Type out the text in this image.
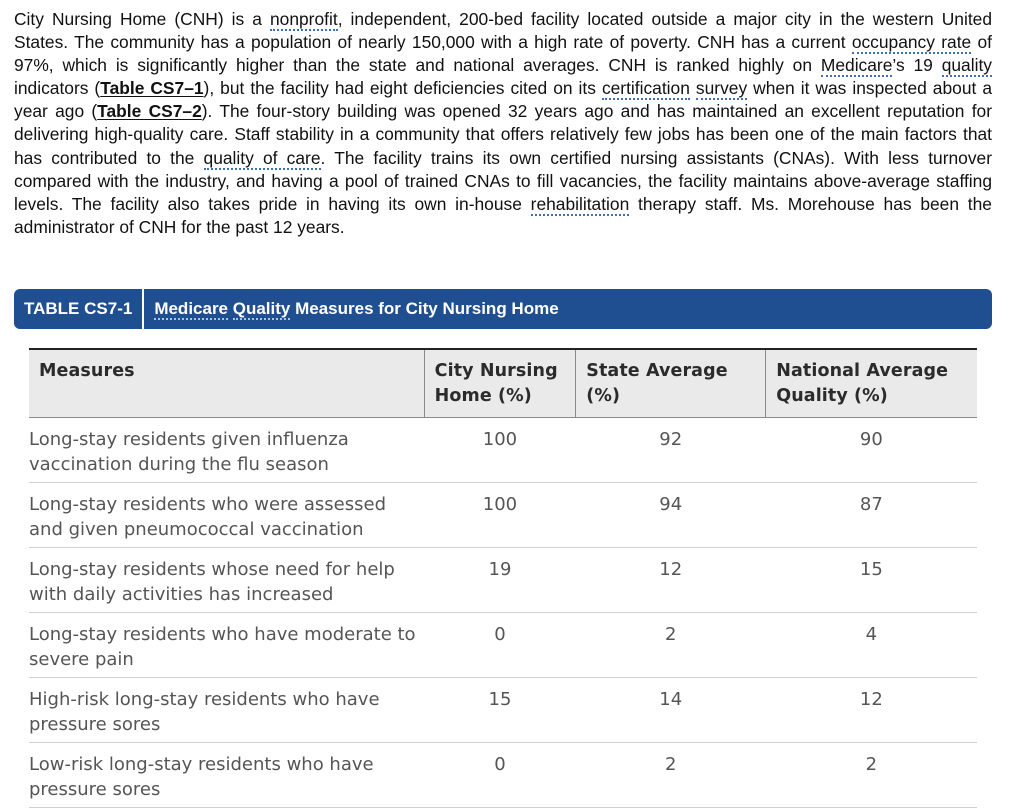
City Nursing Home (CNH) is a nonprofit, independent, 200-bed facility located outside a major city in the western United States. The community has a population of nearly 150,000 with a high rate of poverty. CNH has a current occupancy rate of 97%, which is significantly higher than the state and national averages. CNH is ranked highly on Medicare’s 19 quality indicators (Table CS7–1), but the facility had eight deficiencies cited on its certification survey when it was inspected about a year ago (Table CS7–2). The four-story building was opened 32 years ago and has maintained an excellent reputation for delivering high-quality care. Staff stability in a community that offers relatively few jobs has been one of the main factors that has contributed to the quality of care. The facility trains its own certified nursing assistants (CNAs). With less turnover compared with the industry, and having a pool of trained CNAs to fill vacancies, the facility maintains above-average staffing levels. The facility also takes pride in having its own in-house rehabilitation therapy staff. Ms. Morehouse has been the administrator of CNH for the past 12 years.

TABLE CS7-1	Medicare Quality Measures for City Nursing Home
Measures	City Nursing Home (%)	State Average (%)	National Average Quality (%)
Long-stay residents given influenza vaccination during the flu season	100	92	90
Long-stay residents who were assessed and given pneumococcal vaccination	100	94	87
Long-stay residents whose need for help with daily activities has increased	19	12	15
Long-stay residents who have moderate to severe pain	0	2	4
High-risk long-stay residents who have pressure sores	15	14	12
Low-risk long-stay residents who have pressure sores	0	2	2
